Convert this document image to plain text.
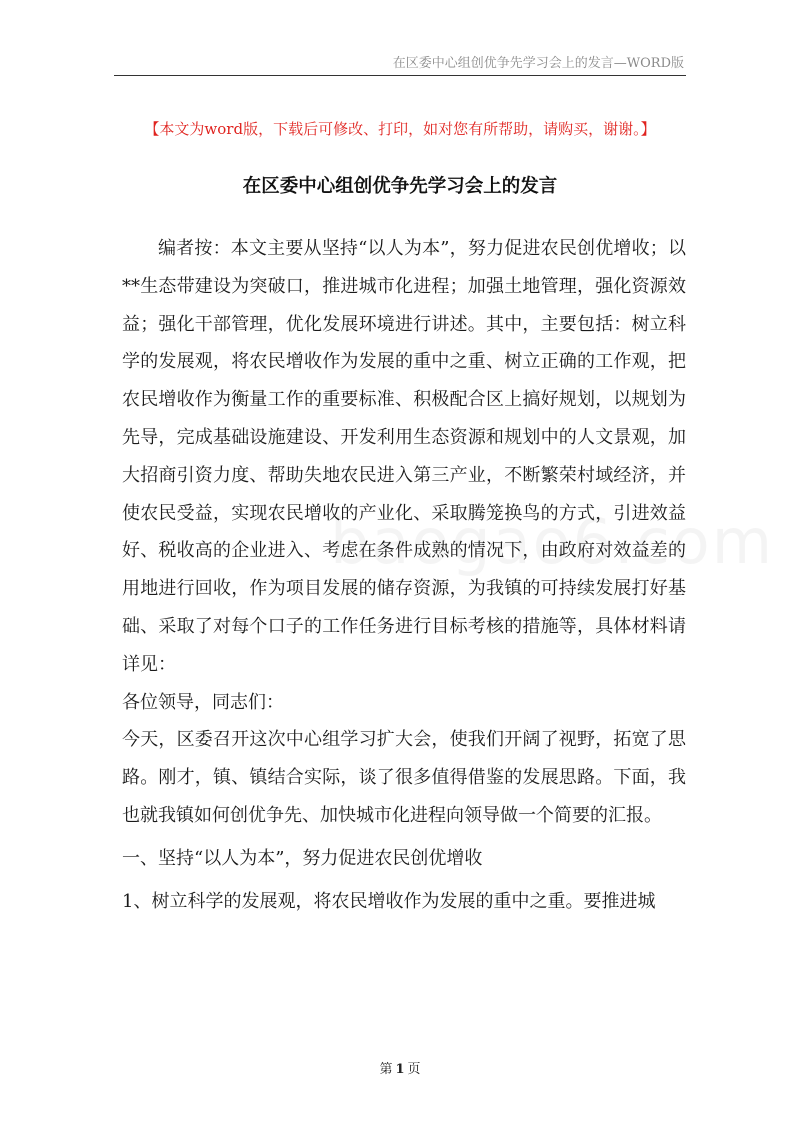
在区委中心组创优争先学习会上的发言—WORD版
【本文为word版，下载后可修改、打印，如对您有所帮助，请购买，谢谢。】
在区委中心组创优争先学习会上的发言

编者按：本文主要从坚持“以人为本”，努力促进农民创优增收；以**生态带建设为突破口，推进城市化进程；加强土地管理，强化资源效益；强化干部管理，优化发展环境进行讲述。其中，主要包括：树立科学的发展观，将农民增收作为发展的重中之重、树立正确的工作观，把农民增收作为衡量工作的重要标准、积极配合区上搞好规划，以规划为先导，完成基础设施建设、开发利用生态资源和规划中的人文景观，加大招商引资力度、帮助失地农民进入第三产业，不断繁荣村域经济，并使农民受益，实现农民增收的产业化、采取腾笼换鸟的方式，引进效益好、税收高的企业进入、考虑在条件成熟的情况下，由政府对效益差的用地进行回收，作为项目发展的储存资源，为我镇的可持续发展打好基础、采取了对每个口子的工作任务进行目标考核的措施等，具体材料请详见：

各位领导，同志们：

今天，区委召开这次中心组学习扩大会，使我们开阔了视野，拓宽了思路。刚才，镇、镇结合实际，谈了很多值得借鉴的发展思路。下面，我也就我镇如何创优争先、加快城市化进程向领导做一个简要的汇报。

一、坚持“以人为本”，努力促进农民创优增收

1、树立科学的发展观，将农民增收作为发展的重中之重。要推进城

第 1 页
